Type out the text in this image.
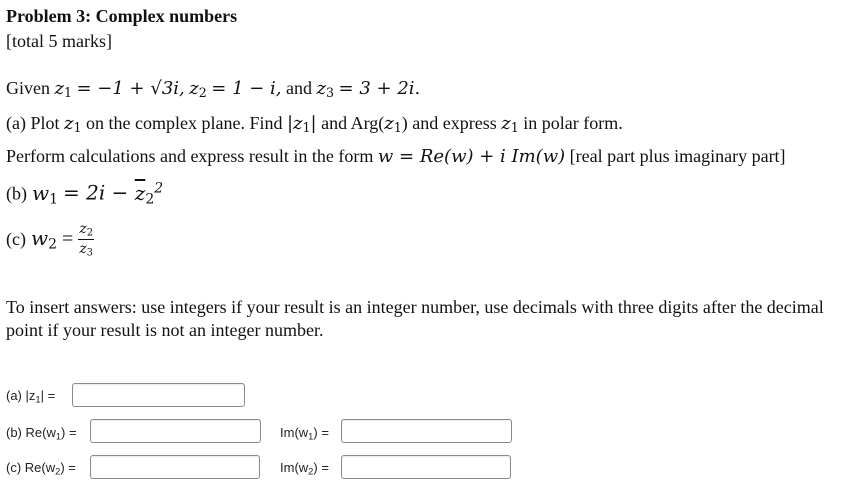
Problem 3: Complex numbers
[total 5 marks]
Given $z_1 = -1 + √3i$, $z_2 = 1 - i$, and $z_3 = 3 + 2i$.
(a) Plot $z_1$ on the complex plane. Find $|z_1|$ and $Arg(z_1)$ and express $z_1$ in polar form.
Perform calculations and express result in the form w = Re(w) + i Im(w) [real part plus imaginary part]
(b) $w_1 = 2i - \overline{z}_2^2$
(c) $w_2 = \frac{z_2}{z_3}$
To insert answers: use integers if your result is an integer number, use decimals with three digits after the decimal point if your result is not an integer number.
(a) $|z_1|$ =
(b) $Re(w_1)$ =	$Im(w_1)$ =
(c) $Re(w_2)$ =	$Im(w_2)$ =
